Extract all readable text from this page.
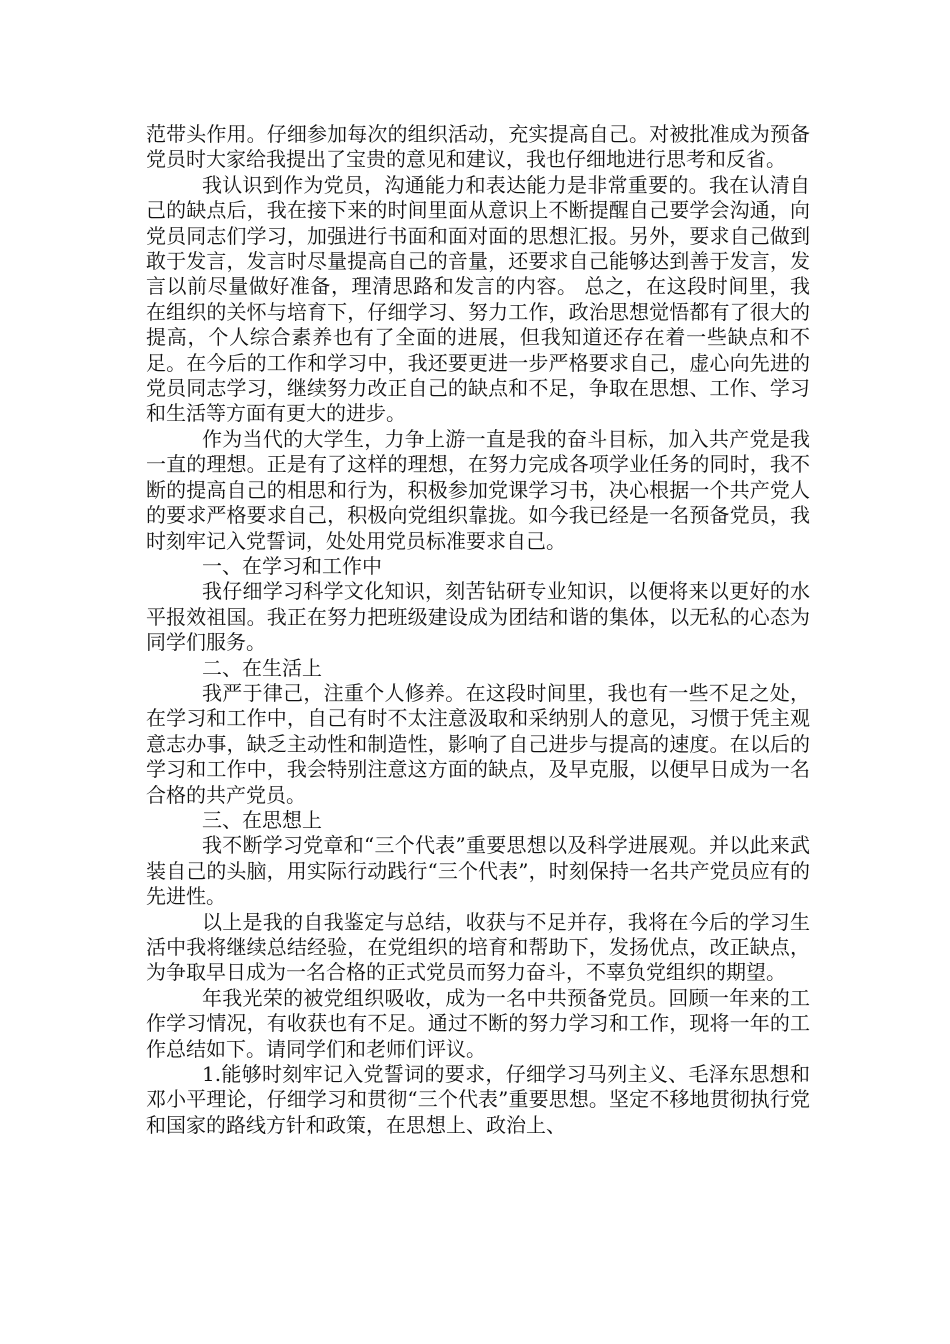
范带头作用。仔细参加每次的组织活动，充实提高自己。对被批准成为预备党员时大家给我提出了宝贵的意见和建议，我也仔细地进行思考和反省。

我认识到作为党员，沟通能力和表达能力是非常重要的。我在认清自己的缺点后，我在接下来的时间里面从意识上不断提醒自己要学会沟通，向党员同志们学习，加强进行书面和面对面的思想汇报。另外，要求自己做到敢于发言，发言时尽量提高自己的音量，还要求自己能够达到善于发言，发言以前尽量做好准备，理清思路和发言的内容。 总之，在这段时间里，我在组织的关怀与培育下，仔细学习、努力工作，政治思想觉悟都有了很大的提高，个人综合素养也有了全面的进展，但我知道还存在着一些缺点和不足。在今后的工作和学习中，我还要更进一步严格要求自己，虚心向先进的党员同志学习，继续努力改正自己的缺点和不足，争取在思想、工作、学习和生活等方面有更大的进步。

作为当代的大学生，力争上游一直是我的奋斗目标，加入共产党是我一直的理想。正是有了这样的理想，在努力完成各项学业任务的同时，我不断的提高自己的相思和行为，积极参加党课学习书，决心根据一个共产党人的要求严格要求自己，积极向党组织靠拢。如今我已经是一名预备党员，我时刻牢记入党誓词，处处用党员标准要求自己。

一、在学习和工作中

我仔细学习科学文化知识，刻苦钻研专业知识，以便将来以更好的水平报效祖国。我正在努力把班级建设成为团结和谐的集体，以无私的心态为同学们服务。

二、在生活上

我严于律己，注重个人修养。在这段时间里，我也有一些不足之处，在学习和工作中，自己有时不太注意汲取和采纳别人的意见，习惯于凭主观意志办事，缺乏主动性和制造性，影响了自己进步与提高的速度。在以后的学习和工作中，我会特别注意这方面的缺点，及早克服，以便早日成为一名合格的共产党员。

三、在思想上

我不断学习党章和“三个代表”重要思想以及科学进展观。并以此来武装自己的头脑，用实际行动践行“三个代表”，时刻保持一名共产党员应有的先进性。

以上是我的自我鉴定与总结，收获与不足并存，我将在今后的学习生活中我将继续总结经验，在党组织的培育和帮助下，发扬优点，改正缺点，为争取早日成为一名合格的正式党员而努力奋斗，不辜负党组织的期望。

年我光荣的被党组织吸收，成为一名中共预备党员。回顾一年来的工作学习情况，有收获也有不足。通过不断的努力学习和工作，现将一年的工作总结如下。请同学们和老师们评议。

1.能够时刻牢记入党誓词的要求，仔细学习马列主义、毛泽东思想和邓小平理论，仔细学习和贯彻“三个代表”重要思想。坚定不移地贯彻执行党和国家的路线方针和政策，在思想上、政治上、
